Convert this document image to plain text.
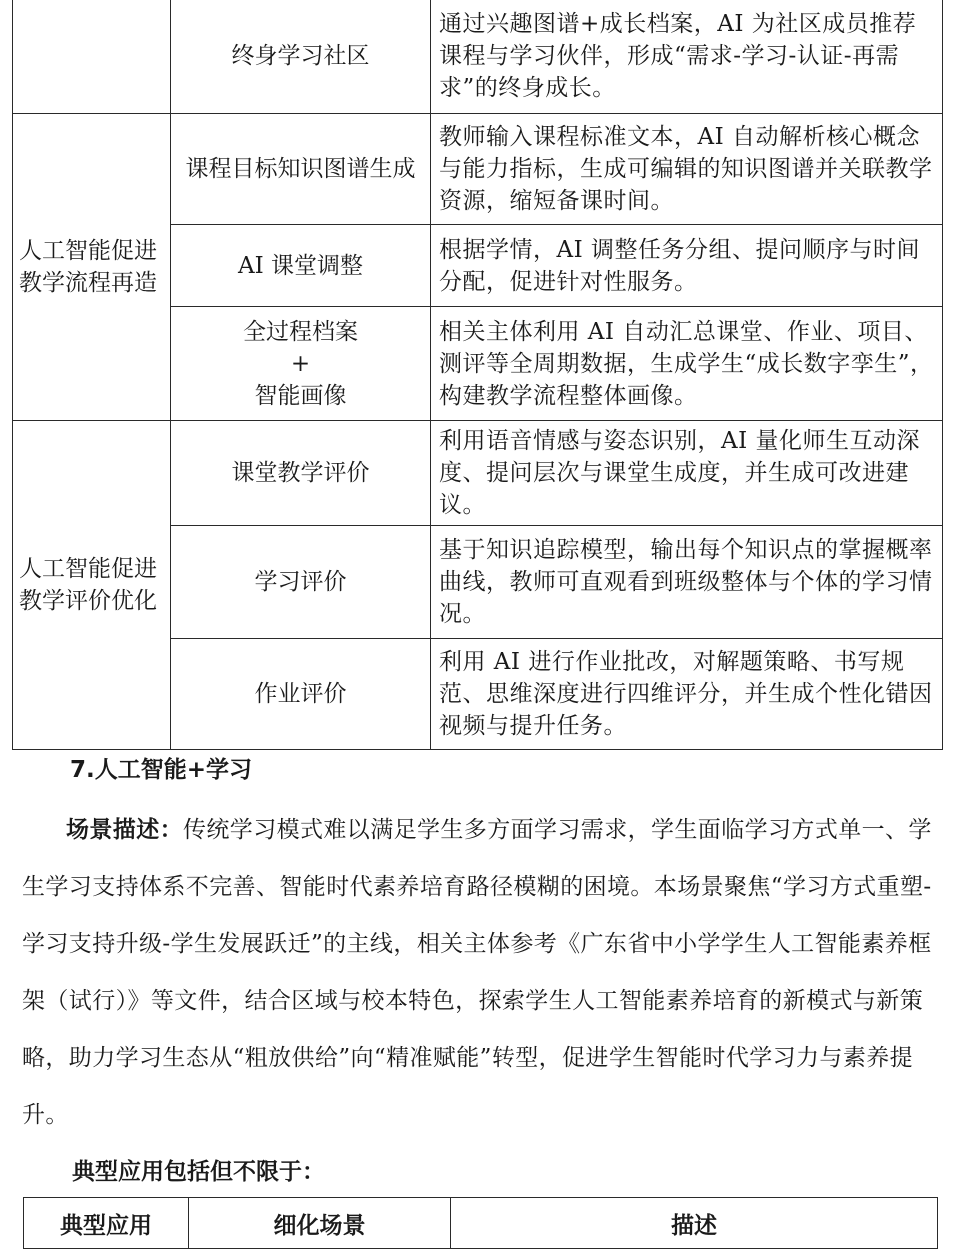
	终身学习社区	通过兴趣图谱+成长档案，AI 为社区成员推荐课程与学习伙伴，形成“需求-学习-认证-再需求”的终身成长。
人工智能促进教学流程再造	课程目标知识图谱生成	教师输入课程标准文本，AI 自动解析核心概念与能力指标，生成可编辑的知识图谱并关联教学资源，缩短备课时间。
	AI 课堂调整	根据学情，AI 调整任务分组、提问顺序与时间分配，促进针对性服务。
	全过程档案
+
智能画像	相关主体利用 AI 自动汇总课堂、作业、项目、测评等全周期数据，生成学生“成长数字孪生”，构建教学流程整体画像。
人工智能促进教学评价优化	课堂教学评价	利用语音情感与姿态识别，AI 量化师生互动深度、提问层次与课堂生成度，并生成可改进建议。
	学习评价	基于知识追踪模型，输出每个知识点的掌握概率曲线，教师可直观看到班级整体与个体的学习情况。
	作业评价	利用 AI 进行作业批改，对解题策略、书写规范、思维深度进行四维评分，并生成个性化错因视频与提升任务。
7.人工智能+学习
场景描述：传统学习模式难以满足学生多方面学习需求，学生面临学习方式单一、学生学习支持体系不完善、智能时代素养培育路径模糊的困境。本场景聚焦“学习方式重塑-学习支持升级-学生发展跃迁”的主线，相关主体参考《广东省中小学学生人工智能素养框架（试行）》等文件，结合区域与校本特色，探索学生人工智能素养培育的新模式与新策略，助力学习生态从“粗放供给”向“精准赋能”转型，促进学生智能时代学习力与素养提升。
典型应用包括但不限于：
典型应用	细化场景	描述
